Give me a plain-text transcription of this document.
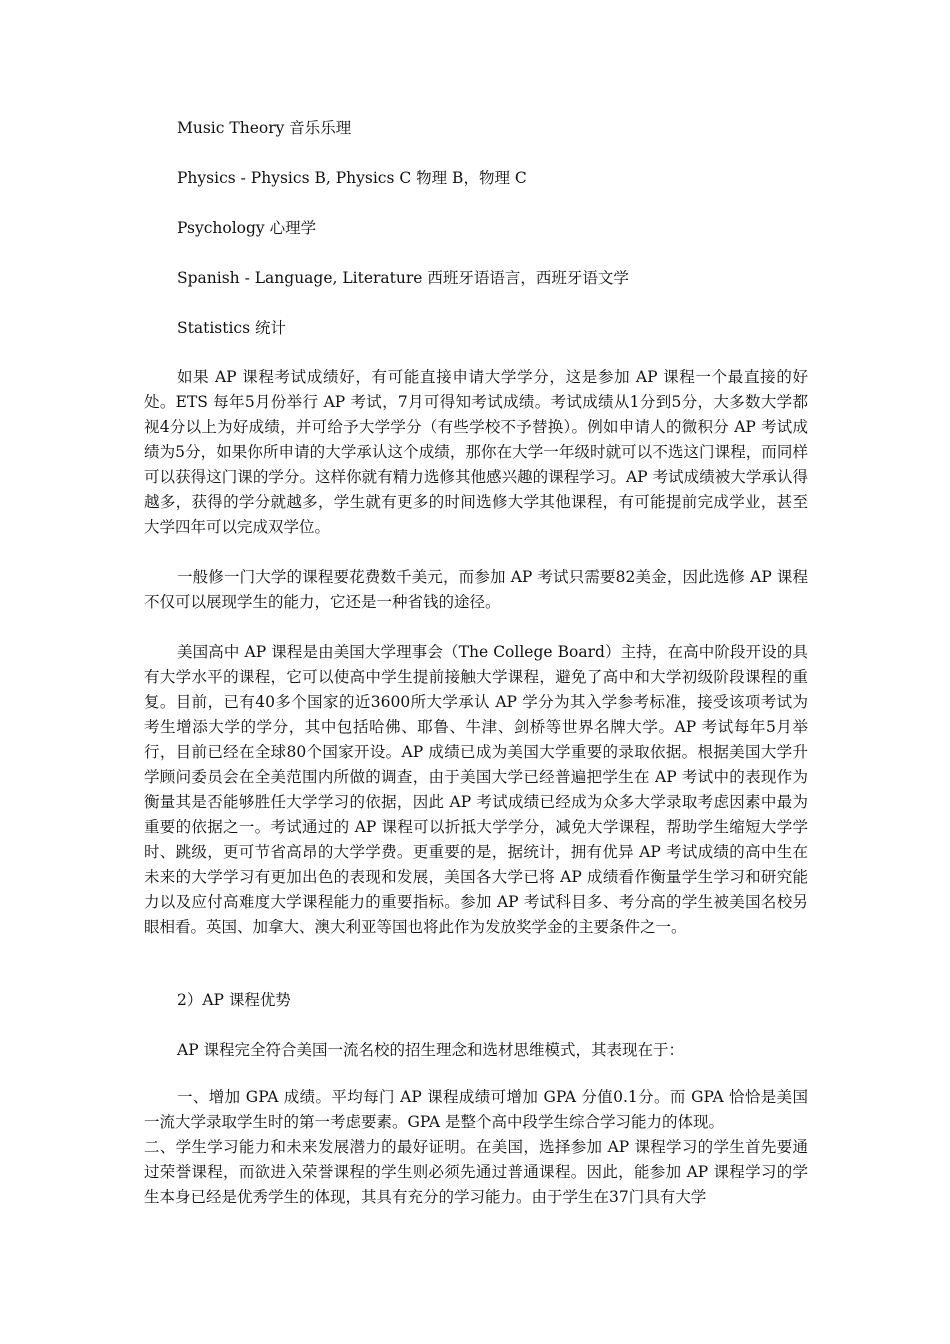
Music Theory 音乐乐理
Physics - Physics B, Physics C 物理 B，物理 C
Psychology 心理学
Spanish - Language, Literature 西班牙语语言，西班牙语文学
Statistics 统计

如果 AP 课程考试成绩好，有可能直接申请大学学分，这是参加 AP 课程一个最直接的好处。ETS 每年5月份举行 AP 考试，7月可得知考试成绩。考试成绩从1分到5分，大多数大学都视4分以上为好成绩，并可给予大学学分（有些学校不予替换）。例如申请人的微积分 AP 考试成绩为5分，如果你所申请的大学承认这个成绩，那你在大学一年级时就可以不选这门课程，而同样可以获得这门课的学分。这样你就有精力选修其他感兴趣的课程学习。AP 考试成绩被大学承认得越多，获得的学分就越多，学生就有更多的时间选修大学其他课程，有可能提前完成学业，甚至大学四年可以完成双学位。

一般修一门大学的课程要花费数千美元，而参加 AP 考试只需要82美金，因此选修 AP 课程不仅可以展现学生的能力，它还是一种省钱的途径。

美国高中 AP 课程是由美国大学理事会（The College Board）主持，在高中阶段开设的具有大学水平的课程，它可以使高中学生提前接触大学课程，避免了高中和大学初级阶段课程的重复。目前，已有40多个国家的近3600所大学承认 AP 学分为其入学参考标准，接受该项考试为考生增添大学的学分，其中包括哈佛、耶鲁、牛津、剑桥等世界名牌大学。AP 考试每年5月举行，目前已经在全球80个国家开设。AP 成绩已成为美国大学重要的录取依据。根据美国大学升学顾问委员会在全美范围内所做的调查，由于美国大学已经普遍把学生在 AP 考试中的表现作为衡量其是否能够胜任大学学习的依据，因此 AP 考试成绩已经成为众多大学录取考虑因素中最为重要的依据之一。考试通过的 AP 课程可以折抵大学学分，减免大学课程，帮助学生缩短大学学时、跳级，更可节省高昂的大学学费。更重要的是，据统计，拥有优异 AP 考试成绩的高中生在未来的大学学习有更加出色的表现和发展，美国各大学已将 AP 成绩看作衡量学生学习和研究能力以及应付高难度大学课程能力的重要指标。参加 AP 考试科目多、考分高的学生被美国名校另眼相看。英国、加拿大、澳大利亚等国也将此作为发放奖学金的主要条件之一。

2）AP 课程优势
AP 课程完全符合美国一流名校的招生理念和选材思维模式，其表现在于：

一、增加 GPA 成绩。平均每门 AP 课程成绩可增加 GPA 分值0.1分。而 GPA 恰恰是美国一流大学录取学生时的第一考虑要素。GPA 是整个高中段学生综合学习能力的体现。

二、学生学习能力和未来发展潜力的最好证明。在美国，选择参加 AP 课程学习的学生首先要通过荣誉课程，而欲进入荣誉课程的学生则必须先通过普通课程。因此，能参加 AP 课程学习的学生本身已经是优秀学生的体现，其具有充分的学习能力。由于学生在37门具有大学
